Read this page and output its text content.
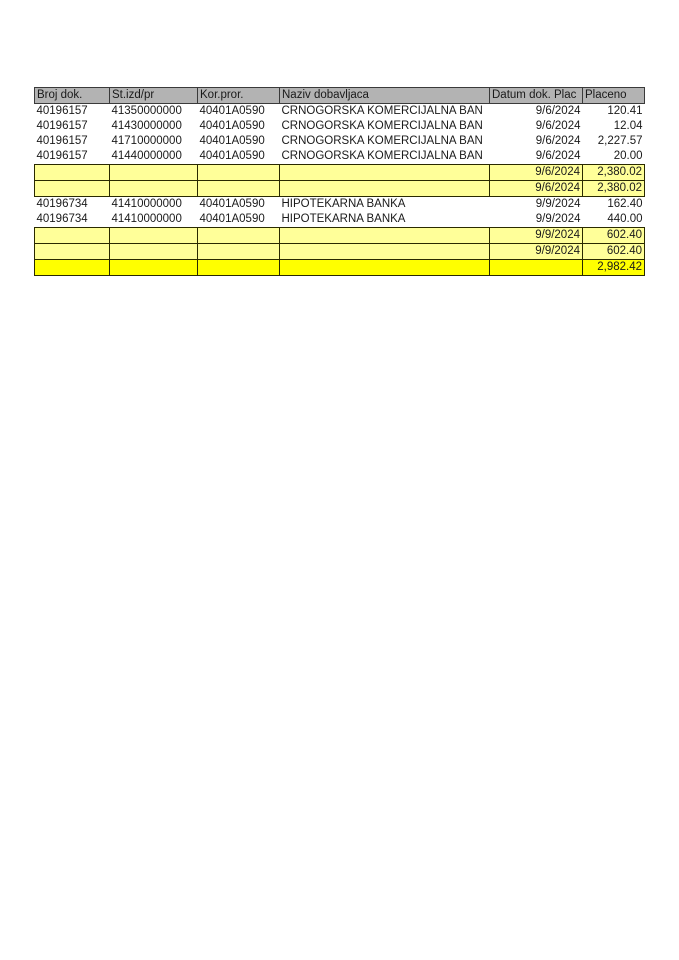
Broj dok.	St.izd/pr	Kor.pror.	Naziv dobavljaca	Datum dok. Plac	Placeno
40196157	41350000000	40401A0590	CRNOGORSKA KOMERCIJALNA BAN	9/6/2024	120.41
40196157	41430000000	40401A0590	CRNOGORSKA KOMERCIJALNA BAN	9/6/2024	12.04
40196157	41710000000	40401A0590	CRNOGORSKA KOMERCIJALNA BAN	9/6/2024	2,227.57
40196157	41440000000	40401A0590	CRNOGORSKA KOMERCIJALNA BAN	9/6/2024	20.00
				9/6/2024	2,380.02
				9/6/2024	2,380.02
40196734	41410000000	40401A0590	HIPOTEKARNA BANKA	9/9/2024	162.40
40196734	41410000000	40401A0590	HIPOTEKARNA BANKA	9/9/2024	440.00
				9/9/2024	602.40
				9/9/2024	602.40
					2,982.42
